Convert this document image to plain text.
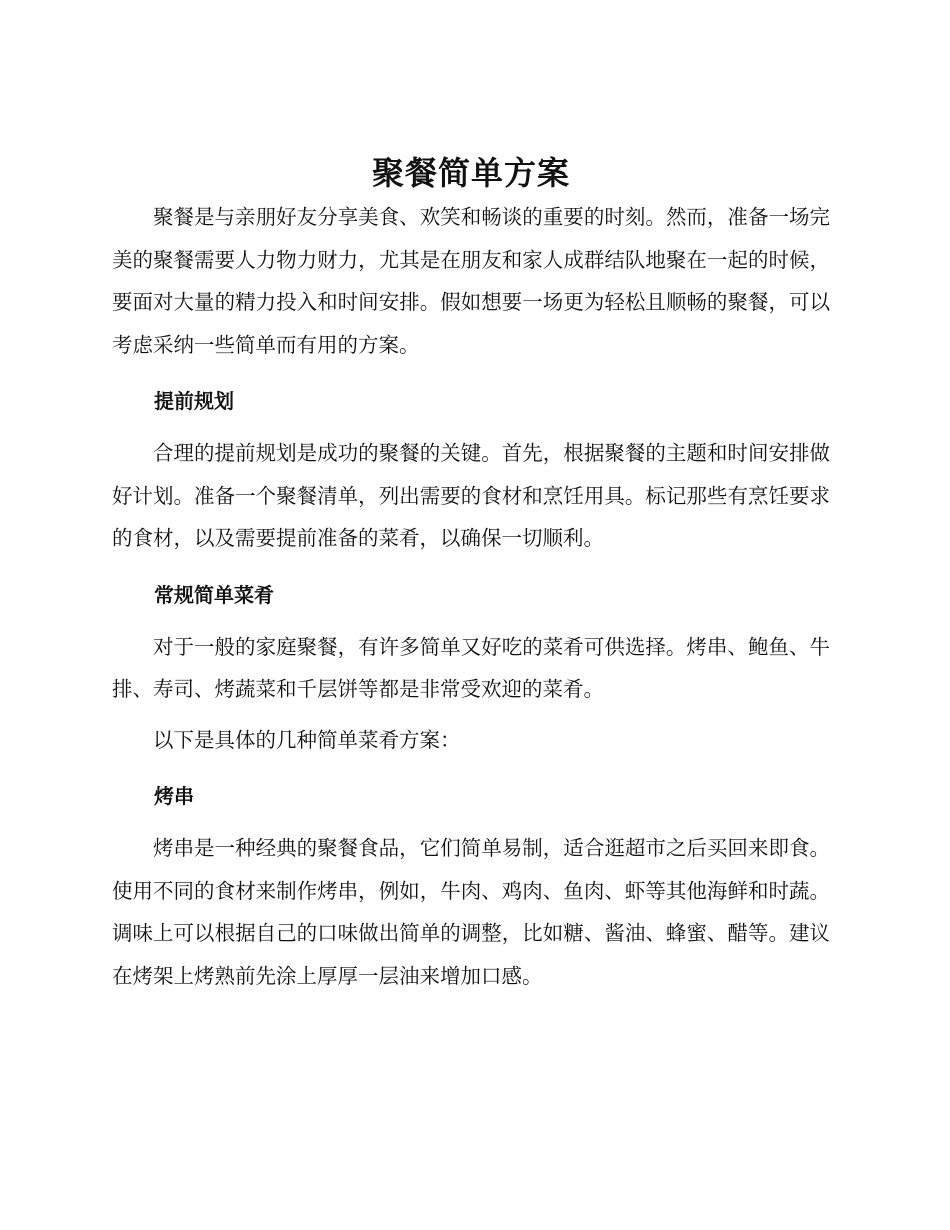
聚餐简单方案

聚餐是与亲朋好友分享美食、欢笑和畅谈的重要的时刻。然而，准备一场完美的聚餐需要人力物力财力，尤其是在朋友和家人成群结队地聚在一起的时候，要面对大量的精力投入和时间安排。假如想要一场更为轻松且顺畅的聚餐，可以考虑采纳一些简单而有用的方案。

提前规划

合理的提前规划是成功的聚餐的关键。首先，根据聚餐的主题和时间安排做好计划。准备一个聚餐清单，列出需要的食材和烹饪用具。标记那些有烹饪要求的食材，以及需要提前准备的菜肴，以确保一切顺利。

常规简单菜肴

对于一般的家庭聚餐，有许多简单又好吃的菜肴可供选择。烤串、鲍鱼、牛排、寿司、烤蔬菜和千层饼等都是非常受欢迎的菜肴。

以下是具体的几种简单菜肴方案：

烤串

烤串是一种经典的聚餐食品，它们简单易制，适合逛超市之后买回来即食。使用不同的食材来制作烤串，例如，牛肉、鸡肉、鱼肉、虾等其他海鲜和时蔬。调味上可以根据自己的口味做出简单的调整，比如糖、酱油、蜂蜜、醋等。建议在烤架上烤熟前先涂上厚厚一层油来增加口感。
